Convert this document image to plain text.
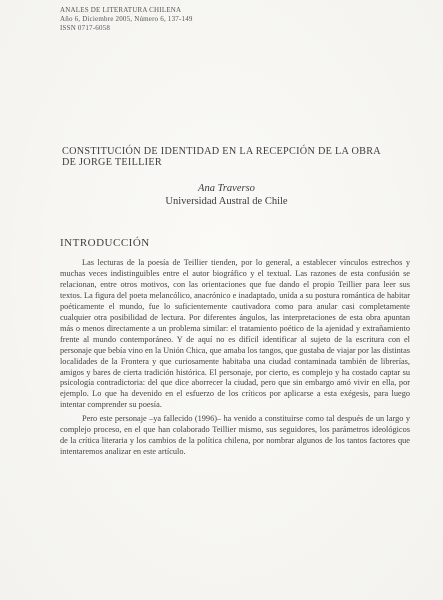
ANALES DE LITERATURA CHILENA
Año 6, Diciembre 2005, Número 6, 137-149
ISSN 0717-6058
CONSTITUCIÓN DE IDENTIDAD EN LA RECEPCIÓN DE LA OBRA DE JORGE TEILLIER
Ana Traverso
Universidad Austral de Chile
INTRODUCCIÓN

Las lecturas de la poesía de Teillier tienden, por lo general, a establecer vínculos estrechos y muchas veces indistinguibles entre el autor biográfico y el textual. Las razones de esta confusión se relacionan, entre otros motivos, con las orientaciones que fue dando el propio Teillier para leer sus textos. La figura del poeta melancólico, anacrónico e inadaptado, unida a su postura romántica de habitar poéticamente el mundo, fue lo suficientemente cautivadora como para anular casi completamente cualquier otra posibilidad de lectura. Por diferentes ángulos, las interpretaciones de esta obra apuntan más o menos directamente a un problema similar: el tratamiento poético de la ajenidad y extrañamiento frente al mundo contemporáneo. Y de aquí no es difícil identificar al sujeto de la escritura con el personaje que bebía vino en la Unión Chica, que amaba los tangos, que gustaba de viajar por las distintas localidades de la Frontera y que curiosamente habitaba una ciudad contaminada también de librerías, amigos y bares de cierta tradición histórica. El personaje, por cierto, es complejo y ha costado captar su psicología contradictoria: del que dice aborrecer la ciudad, pero que sin embargo amó vivir en ella, por ejemplo. Lo que ha devenido en el esfuerzo de los críticos por aplicarse a esta exégesis, para luego intentar comprender su poesía.

Pero este personaje –ya fallecido (1996)– ha venido a constituirse como tal después de un largo y complejo proceso, en el que han colaborado Teillier mismo, sus seguidores, los parámetros ideológicos de la crítica literaria y los cambios de la política chilena, por nombrar algunos de los tantos factores que intentaremos analizar en este artículo.
